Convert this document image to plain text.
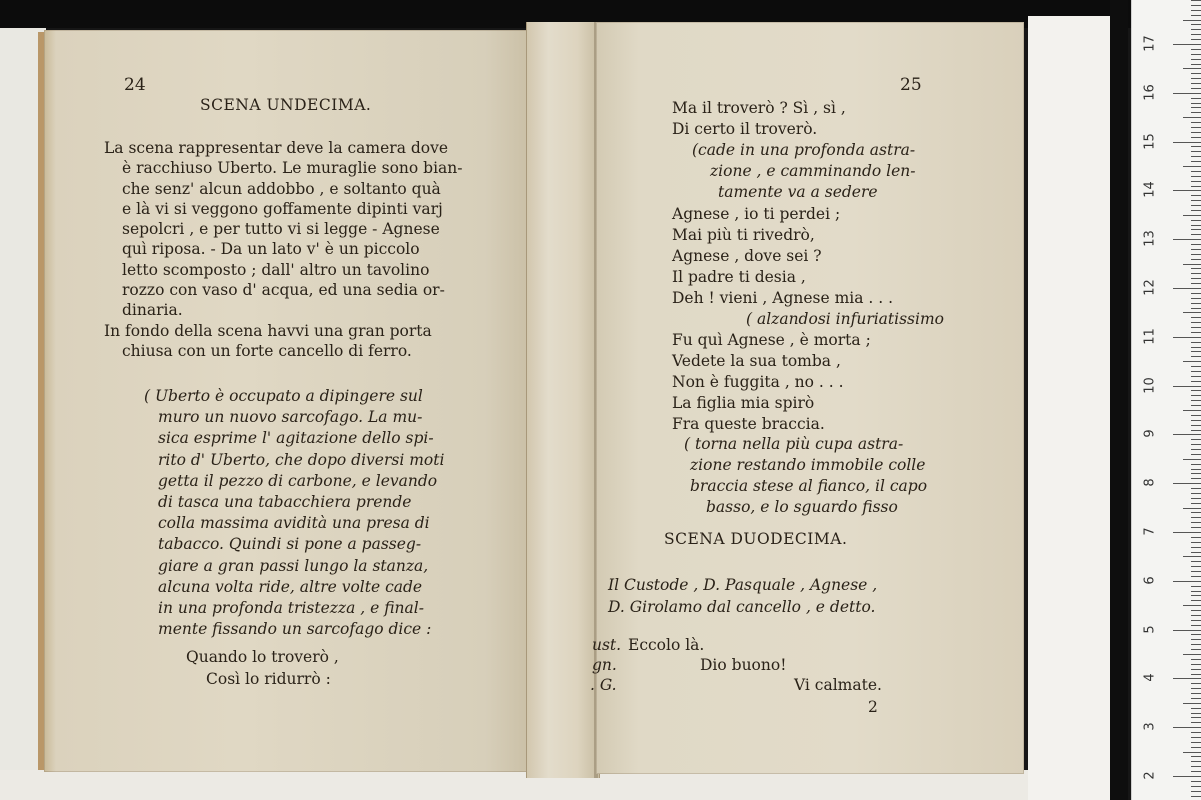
24
SCENA UNDECIMA.
La scena rappresentar deve la camera dove
è racchiuso Uberto. Le muraglie sono bian-
che senz' alcun addobbo , e soltanto quà
e là vi si veggono goffamente dipinti varj
sepolcri , e per tutto vi si legge - Agnese
quì riposa. - Da un lato v' è un piccolo
letto scomposto ; dall' altro un tavolino
rozzo con vaso d' acqua, ed una sedia or-
dinaria.
In fondo della scena havvi una gran porta
chiusa con un forte cancello di ferro.
( Uberto è occupato a dipingere sul
muro un nuovo sarcofago. La mu-
sica esprime l' agitazione dello spi-
rito d' Uberto, che dopo diversi moti
getta il pezzo di carbone, e levando
di tasca una tabacchiera prende
colla massima avidità una presa di
tabacco. Quindi si pone a passeg-
giare a gran passi lungo la stanza,
alcuna volta ride, altre volte cade
in una profonda tristezza , e final-
mente fissando un sarcofago dice :
Quando lo troverò ,
Così lo ridurrò :
25
Ma il troverò ? Sì , sì ,
Di certo il troverò.
(cade in una profonda astra-
zione , e camminando len-
tamente va a sedere
Agnese , io ti perdei ;
Mai più ti rivedrò,
Agnese , dove sei ?
Il padre ti desia ,
Deh ! vieni , Agnese mia . . .
( alzandosi infuriatissimo
Fu quì Agnese , è morta ;
Vedete la sua tomba ,
Non è fuggita , no . . .
La figlia mia spirò
Fra queste braccia.
( torna nella più cupa astra-
zione restando immobile colle
braccia stese al fianco, il capo
basso, e lo sguardo fisso
SCENA DUODECIMA.
Il Custode , D. Pasquale , Agnese ,
D. Girolamo dal cancello , e detto.
ust. Eccolo là.
gn.	Dio buono!
. G.	Vi calmate.
2
17
16
15
14
13
12
11
10
9
8
7
6
5
4
3
2
